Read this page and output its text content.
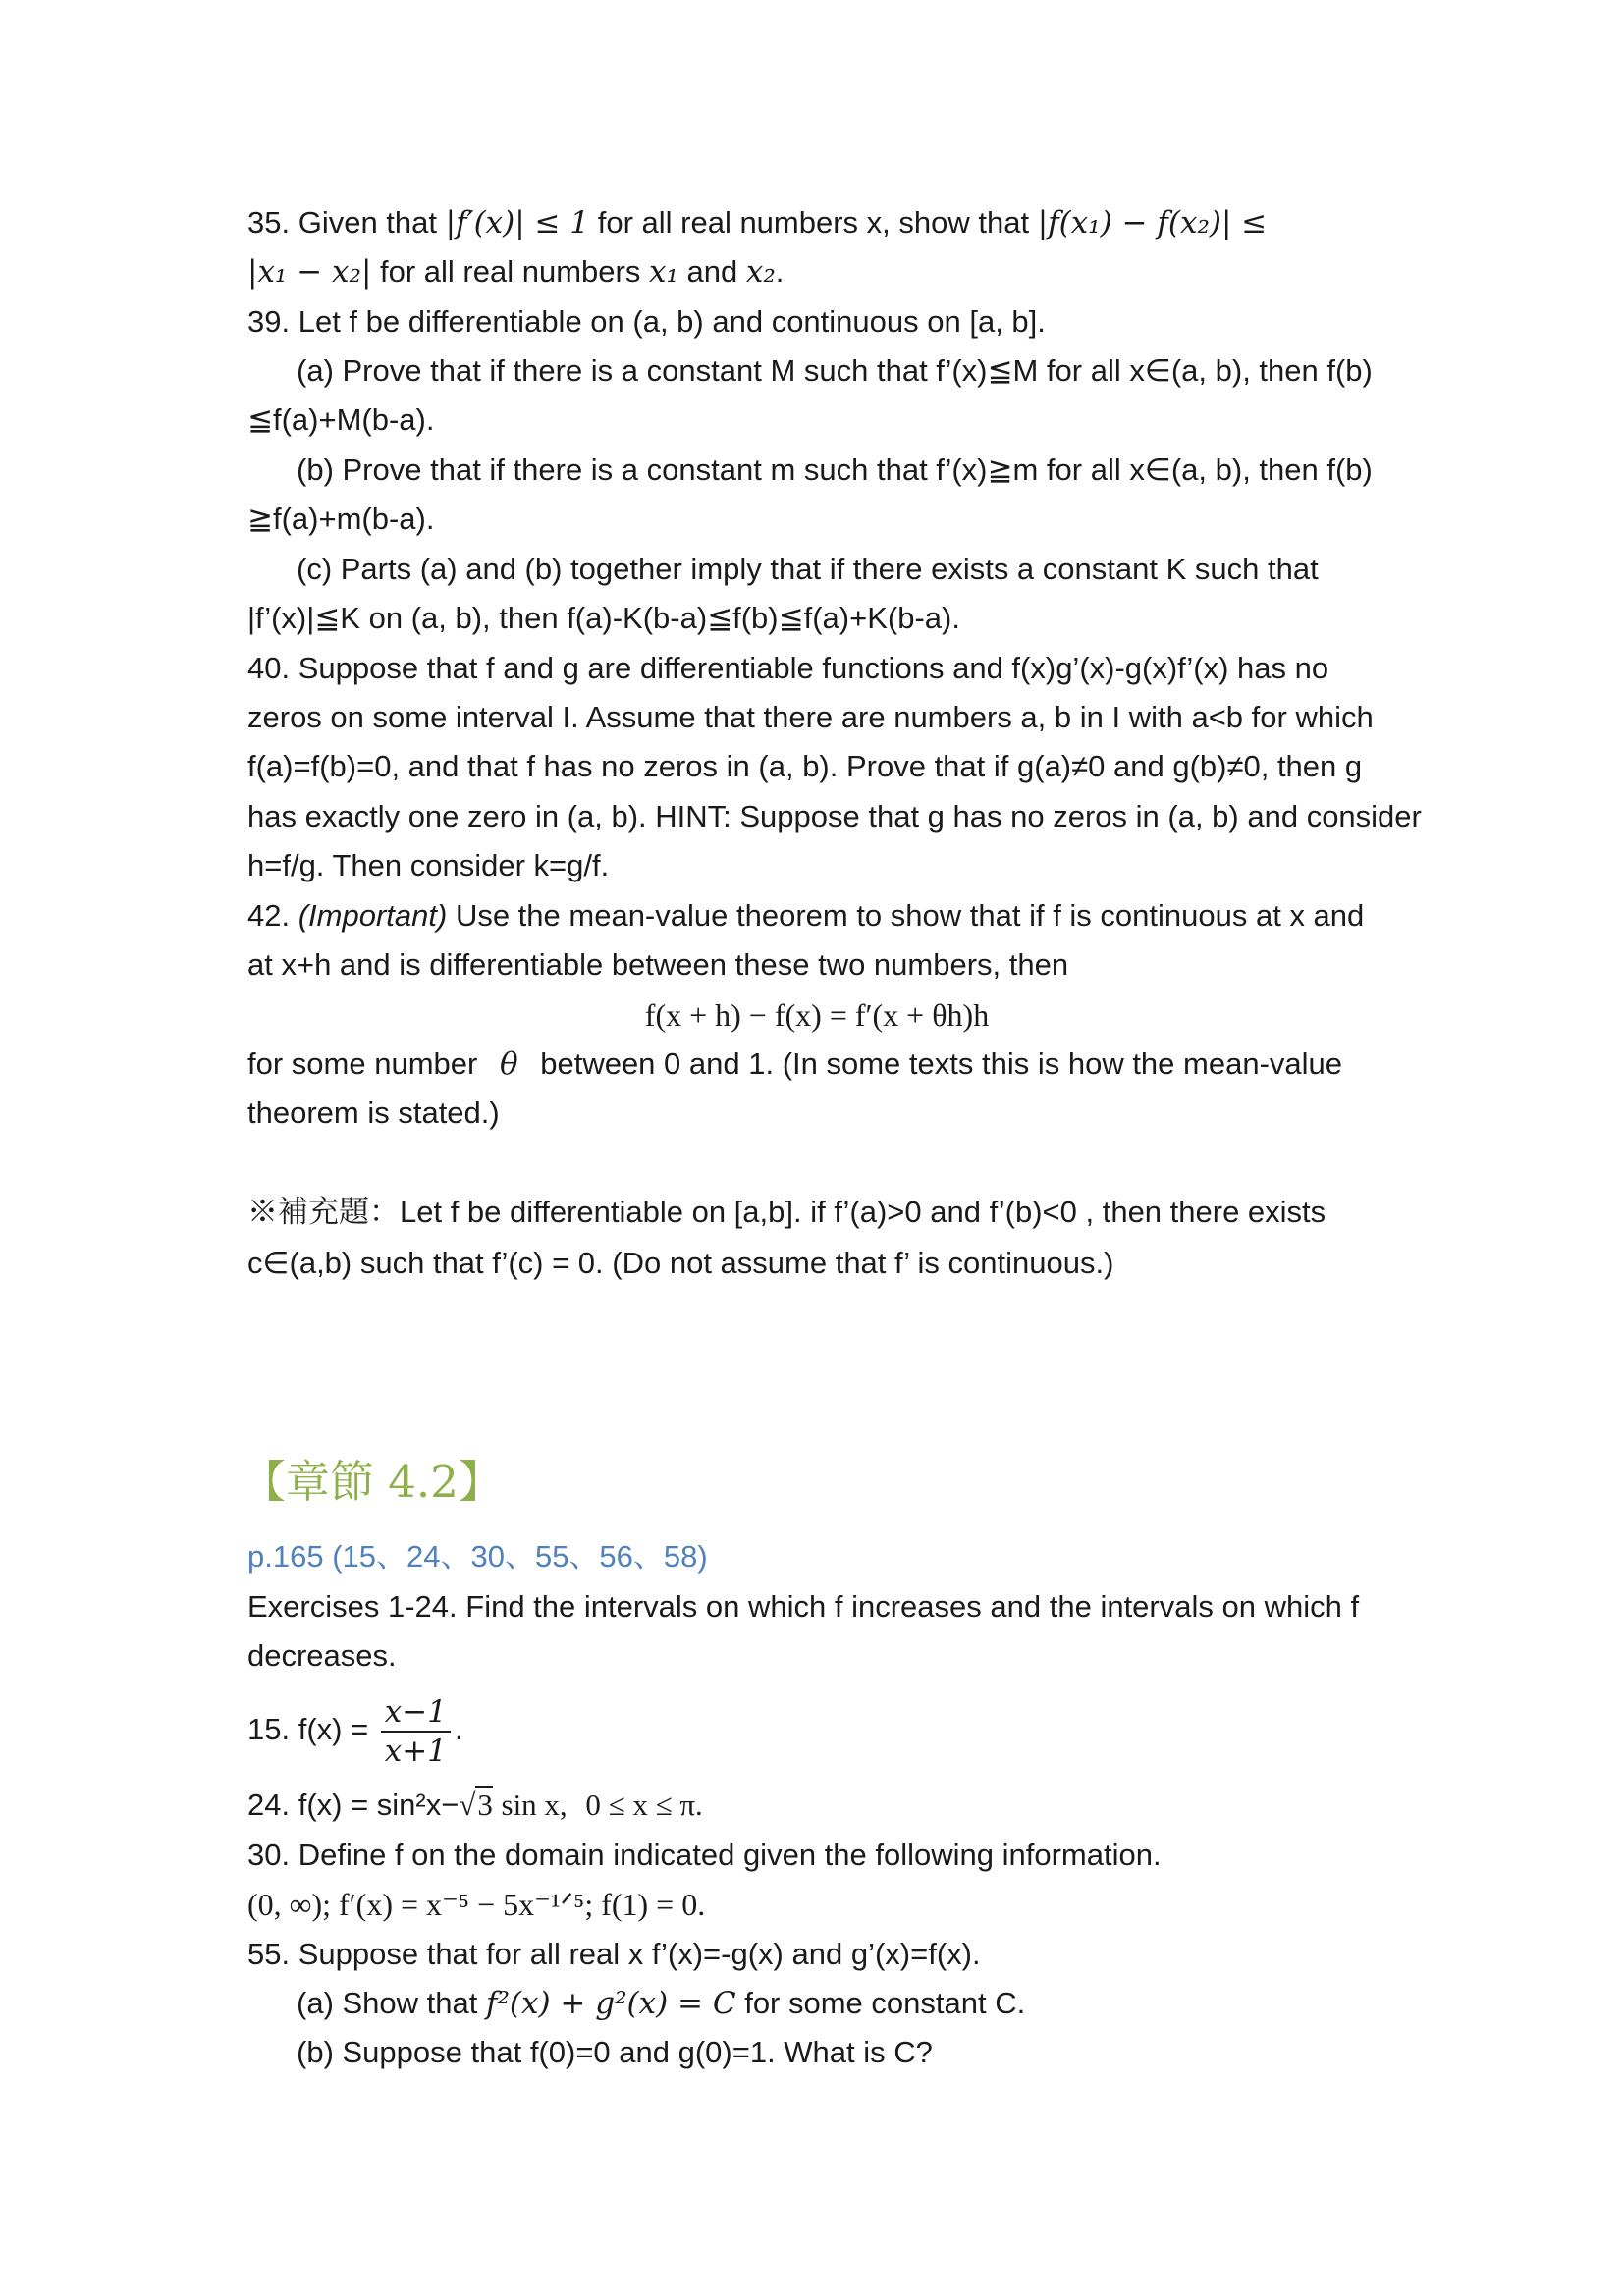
35. Given that |f′(x)| ≤ 1 for all real numbers x, show that |f(x₁) − f(x₂)| ≤
|x₁ − x₂| for all real numbers x₁ and x₂.
39. Let f be differentiable on (a, b) and continuous on [a, b].
(a) Prove that if there is a constant M such that f’(x)≦M for all x∈(a, b), then f(b)
≦f(a)+M(b-a).
(b) Prove that if there is a constant m such that f’(x)≧m for all x∈(a, b), then f(b)
≧f(a)+m(b-a).
(c) Parts (a) and (b) together imply that if there exists a constant K such that
|f’(x)|≦K on (a, b), then f(a)-K(b-a)≦f(b)≦f(a)+K(b-a).
40. Suppose that f and g are differentiable functions and f(x)g’(x)-g(x)f’(x) has no
zeros on some interval I. Assume that there are numbers a, b in I with a<b for which
f(a)=f(b)=0, and that f has no zeros in (a, b). Prove that if g(a)≠0 and g(b)≠0, then g
has exactly one zero in (a, b). HINT: Suppose that g has no zeros in (a, b) and consider
h=f/g. Then consider k=g/f.
42. (Important) Use the mean-value theorem to show that if f is continuous at x and
at x+h and is differentiable between these two numbers, then
f(x + h) − f(x) = f′(x + θh)h
for some number θ between 0 and 1. (In some texts this is how the mean-value
theorem is stated.)
※補充題：Let f be differentiable on [a,b]. if f’(a)>0 and f’(b)<0 , then there exists
c∈(a,b) such that f’(c) = 0. (Do not assume that f’ is continuous.)
【章節 4.2】
p.165 (15、24、30、55、56、58)
Exercises 1-24. Find the intervals on which f increases and the intervals on which f
decreases.
15. $f(x) = \frac{x-1}{x+1}$ .
24. f(x) = sin²x−√3 sin x, 0 ≤ x ≤ π.
30. Define f on the domain indicated given the following information.
(0, ∞); f′(x) = x⁻⁵ − 5x⁻¹ᐟ⁵; f(1) = 0.
55. Suppose that for all real x f’(x)=-g(x) and g’(x)=f(x).
(a) Show that f²(x) + g²(x) = C for some constant C.
(b) Suppose that f(0)=0 and g(0)=1. What is C?
